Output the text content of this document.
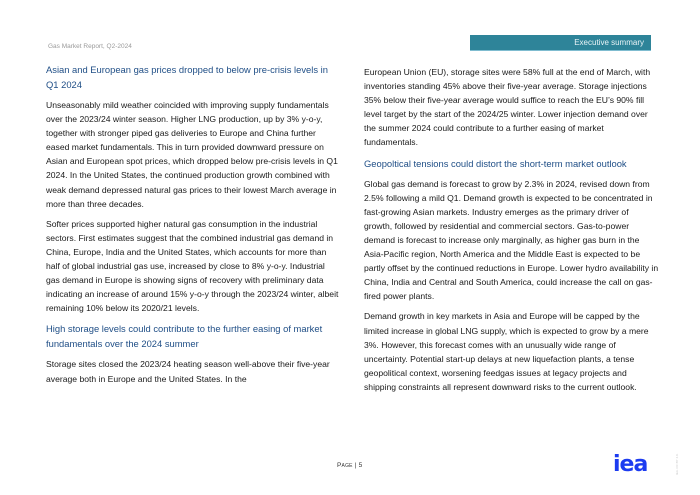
Gas Market Report, Q2-2024	Executive summary
Asian and European gas prices dropped to below pre-crisis levels in Q1 2024

Unseasonably mild weather coincided with improving supply fundamentals over the 2023/24 winter season. Higher LNG production, up by 3% y-o-y, together with stronger piped gas deliveries to Europe and China further eased market fundamentals. This in turn provided downward pressure on Asian and European spot prices, which dropped below pre-crisis levels in Q1 2024. In the United States, the continued production growth combined with weak demand depressed natural gas prices to their lowest March average in more than three decades.

Softer prices supported higher natural gas consumption in the industrial sectors. First estimates suggest that the combined industrial gas demand in China, Europe, India and the United States, which accounts for more than half of global industrial gas use, increased by close to 8% y-o-y. Industrial gas demand in Europe is showing signs of recovery with preliminary data indicating an increase of around 15% y-o-y through the 2023/24 winter, albeit remaining 10% below its 2020/21 levels.

High storage levels could contribute to the further easing of market fundamentals over the 2024 summer

Storage sites closed the 2023/24 heating season well-above their five-year average both in Europe and the United States. In the

European Union (EU), storage sites were 58% full at the end of March, with inventories standing 45% above their five-year average. Storage injections 35% below their five-year average would suffice to reach the EU’s 90% fill level target by the start of the 2024/25 winter. Lower injection demand over the summer 2024 could contribute to a further easing of market fundamentals.

Geopoltical tensions could distort the short-term market outlook

Global gas demand is forecast to grow by 2.3% in 2024, revised down from 2.5% following a mild Q1. Demand growth is expected to be concentrated in fast-growing Asian markets. Industry emerges as the primary driver of growth, followed by residential and commercial sectors. Gas-to-power demand is forecast to increase only marginally, as higher gas burn in the Asia-Pacific region, North America and the Middle East is expected to be partly offset by the continued reductions in Europe. Lower hydro availability in China, India and Central and South America, could increase the call on gas-fired power plants.

Demand growth in key markets in Asia and Europe will be capped by the limited increase in global LNG supply, which is expected to grow by a mere 3%. However, this forecast comes with an unusually wide range of uncertainty. Potential start-up delays at new liquefaction plants, a tense geopolitical context, worsening feedgas issues at legacy projects and shipping constraints all represent downward risks to the current outlook.

Page | 5	iea	IEA. CC BY 4.0.
